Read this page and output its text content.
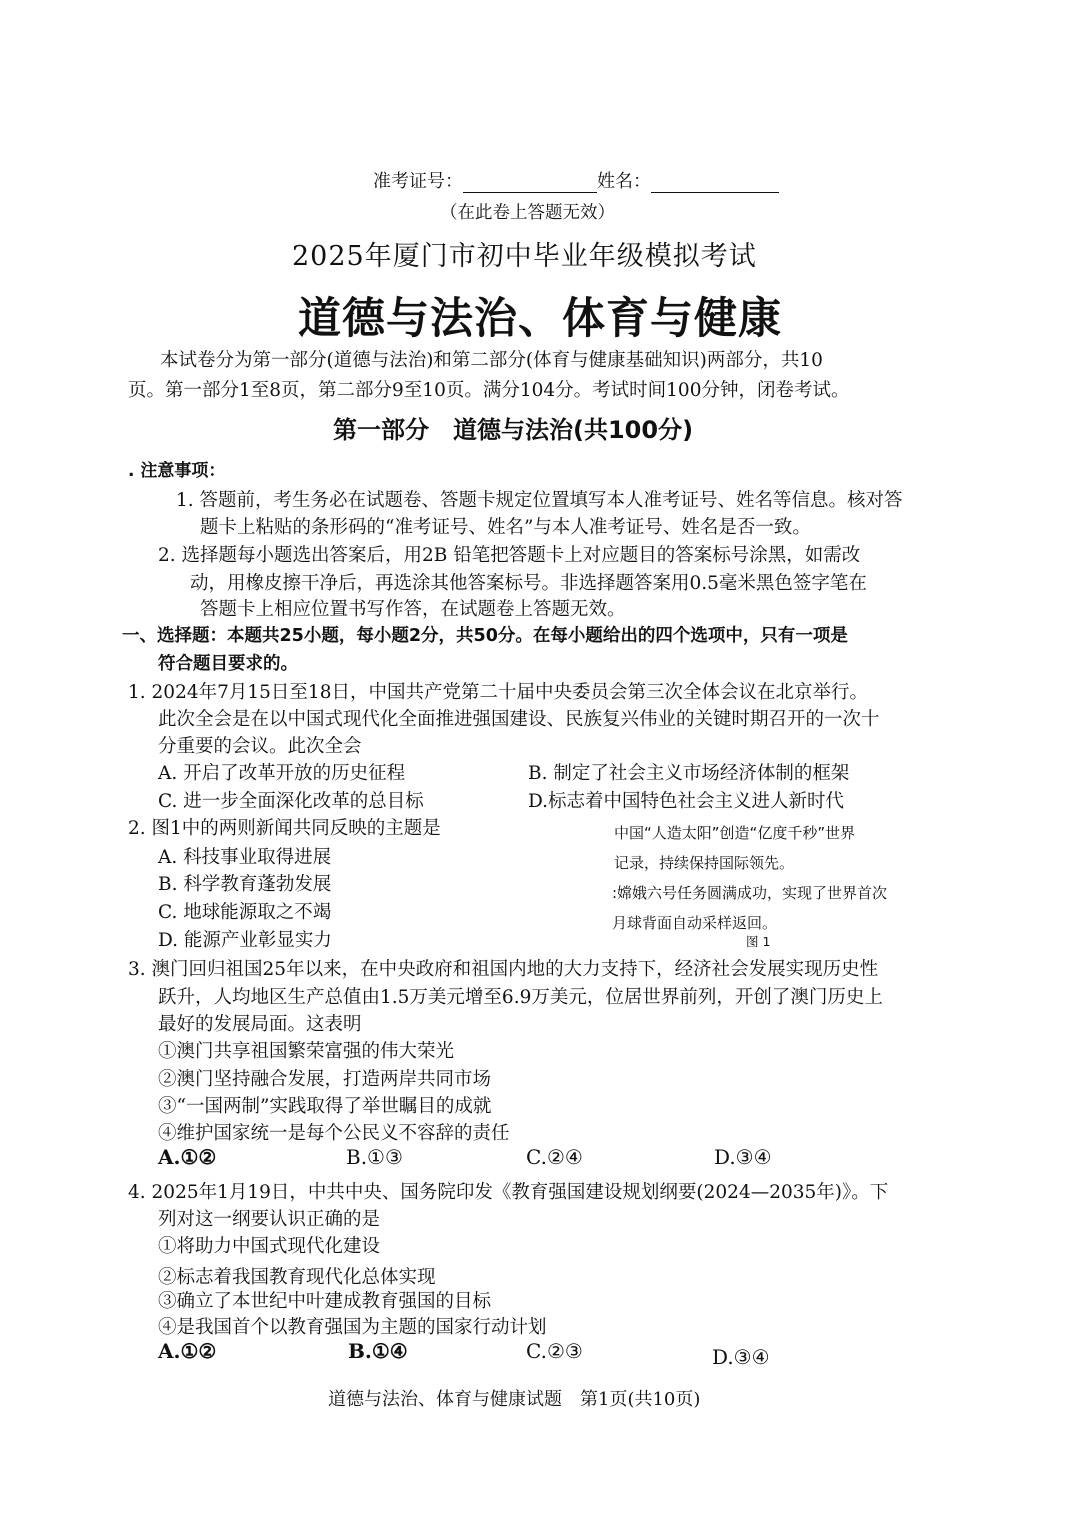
准考证号：	姓名：
（在此卷上答题无效）
2025年厦门市初中毕业年级模拟考试
道德与法治、体育与健康
本试卷分为第一部分(道德与法治)和第二部分(体育与健康基础知识)两部分，共10
页。第一部分1至8页，第二部分9至10页。满分104分。考试时间100分钟，闭卷考试。
第一部分　道德与法治(共100分)
. 注意事项：
1. 答题前，考生务必在试题卷、答题卡规定位置填写本人准考证号、姓名等信息。核对答
题卡上粘贴的条形码的“准考证号、姓名”与本人准考证号、姓名是否一致。
2. 选择题每小题选出答案后，用2B 铅笔把答题卡上对应题目的答案标号涂黑，如需改
动，用橡皮擦干净后，再选涂其他答案标号。非选择题答案用0.5毫米黑色签字笔在
答题卡上相应位置书写作答，在试题卷上答题无效。
一、选择题：本题共25小题，每小题2分，共50分。在每小题给出的四个选项中，只有一项是
符合题目要求的。
1. 2024年7月15日至18日，中国共产党第二十届中央委员会第三次全体会议在北京举行。
此次全会是在以中国式现代化全面推进强国建设、民族复兴伟业的关键时期召开的一次十
分重要的会议。此次全会
A. 开启了改革开放的历史征程	B. 制定了社会主义市场经济体制的框架
C. 进一步全面深化改革的总目标	D.标志着中国特色社会主义进人新时代
2. 图1中的两则新闻共同反映的主题是
A. 科技事业取得进展
B. 科学教育蓬勃发展
C. 地球能源取之不竭
D. 能源产业彰显实力
中国“人造太阳”创造“亿度千秒”世界
记录，持续保持国际领先。
:嫦娥六号任务圆满成功，实现了世界首次
月球背面自动采样返回。
图 1
3. 澳门回归祖国25年以来，在中央政府和祖国内地的大力支持下，经济社会发展实现历史性
跃升，人均地区生产总值由1.5万美元增至6.9万美元，位居世界前列，开创了澳门历史上
最好的发展局面。这表明
①澳门共享祖国繁荣富强的伟大荣光
②澳门坚持融合发展，打造两岸共同市场
③“一国两制”实践取得了举世瞩目的成就
④维护国家统一是每个公民义不容辞的责任
A.①②	B.①③	C.②④	D.③④
4. 2025年1月19日，中共中央、国务院印发《教育强国建设规划纲要(2024—2035年)》。下
列对这一纲要认识正确的是
①将助力中国式现代化建设
②标志着我国教育现代化总体实现
③确立了本世纪中叶建成教育强国的目标
④是我国首个以教育强国为主题的国家行动计划
A.①②	B.①④	C.②③	D.③④
道德与法治、体育与健康试题　第1页(共10页)
